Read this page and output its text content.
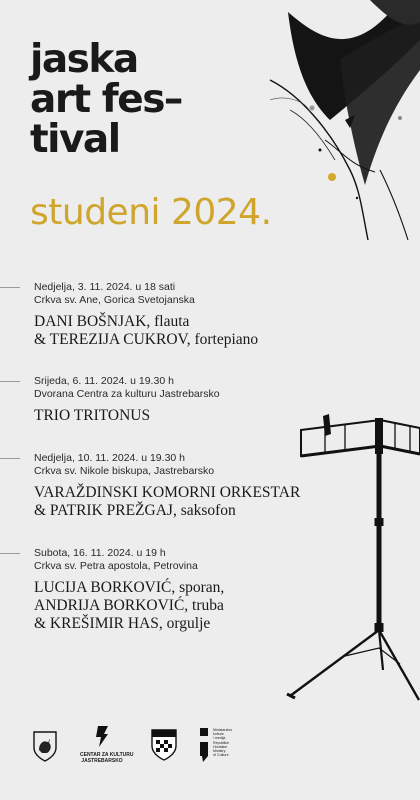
jaska
art fes–
tival
studeni 2024.
Nedjelja, 3. 11. 2024. u 18 sati
Crkva sv. Ane, Gorica Svetojanska
DANI BOŠNJAK, flauta
& TEREZIJA CUKROV, fortepiano
Srijeda, 6. 11. 2024. u 19.30 h
Dvorana Centra za kulturu Jastrebarsko
TRIO TRITONUS
Nedjelja, 10. 11. 2024. u 19.30 h
Crkva sv. Nikole biskupa, Jastrebarsko
VARAŽDINSKI KOMORNI ORKESTAR
& PATRIK PREŽGAJ, saksofon
Subota, 16. 11. 2024. u 19 h
Crkva sv. Petra apostola, Petrovina
LUCIJA BORKOVIĆ, sporan,
ANDRIJA BORKOVIĆ, truba
& KREŠIMIR HAS, orgulje
CENTAR ZA KULTURU
JASTREBARSKO
Ministarstvo
kulture
i medija
Republike
Hrvatske
Ministry
of Culture
